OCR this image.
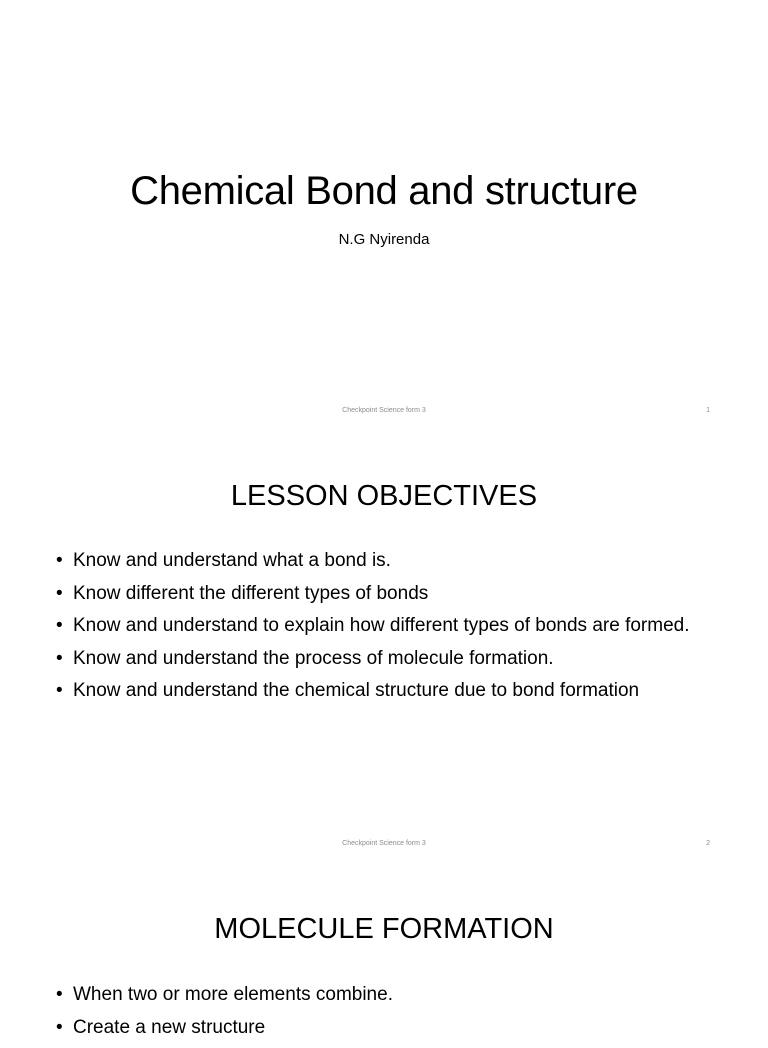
Chemical Bond and structure

N.G Nyirenda

Checkpoint Science form 3	1

LESSON OBJECTIVES
• Know and understand what a bond is.
• Know different the different types of bonds
• Know and understand to explain how different types of bonds are formed.
• Know and understand the process of molecule formation.
• Know and understand the chemical structure due to bond formation

Checkpoint Science form 3	2

MOLECULE FORMATION
• When two or more elements combine.
• Create a new structure
